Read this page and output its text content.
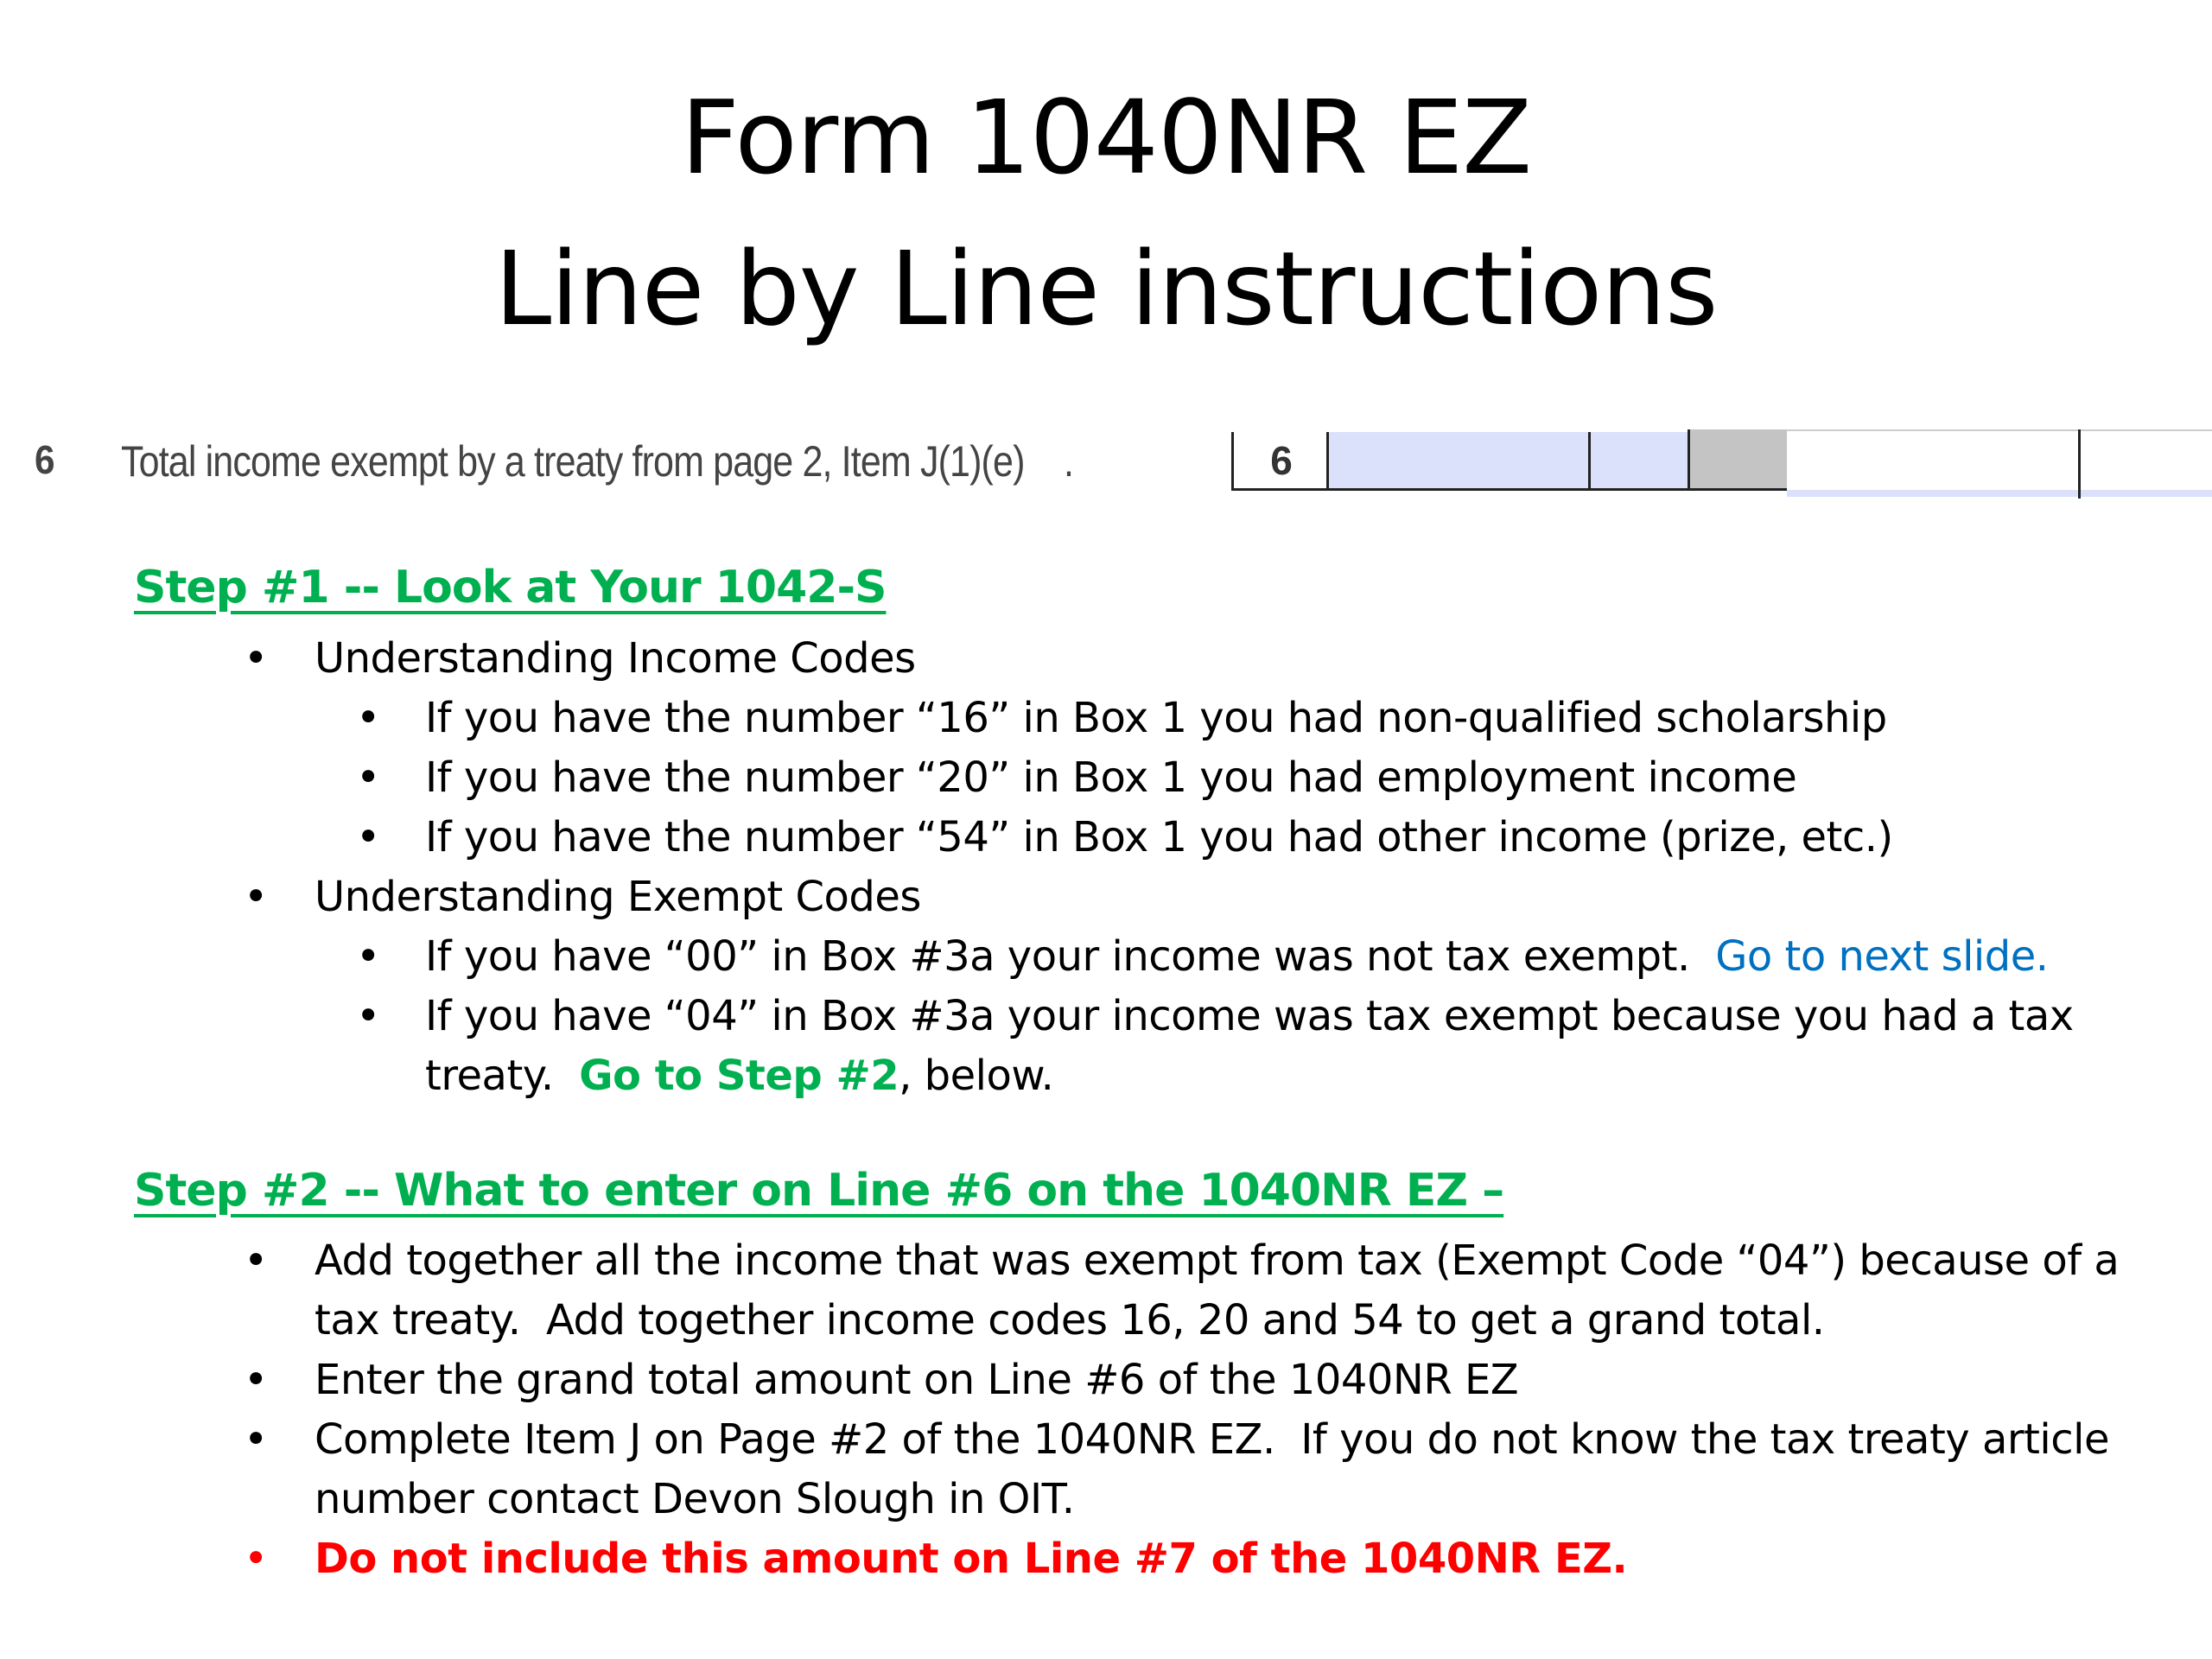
Form 1040NR EZ
Line by Line instructions
6 Total income exempt by a treaty from page 2, Item J(1)(e) .	6
Step #1 -- Look at Your 1042-S
• Understanding Income Codes
• If you have the number “16” in Box 1 you had non-qualified scholarship
• If you have the number “20” in Box 1 you had employment income
• If you have the number “54” in Box 1 you had other income (prize, etc.)
• Understanding Exempt Codes
• If you have “00” in Box #3a your income was not tax exempt. Go to next slide.
• If you have “04” in Box #3a your income was tax exempt because you had a tax
treaty. Go to Step #2, below.
Step #2 -- What to enter on Line #6 on the 1040NR EZ –
• Add together all the income that was exempt from tax (Exempt Code “04”) because of a
tax treaty.  Add together income codes 16, 20 and 54 to get a grand total.
• Enter the grand total amount on Line #6 of the 1040NR EZ
• Complete Item J on Page #2 of the 1040NR EZ.  If you do not know the tax treaty article
number contact Devon Slough in OIT.
• Do not include this amount on Line #7 of the 1040NR EZ.
